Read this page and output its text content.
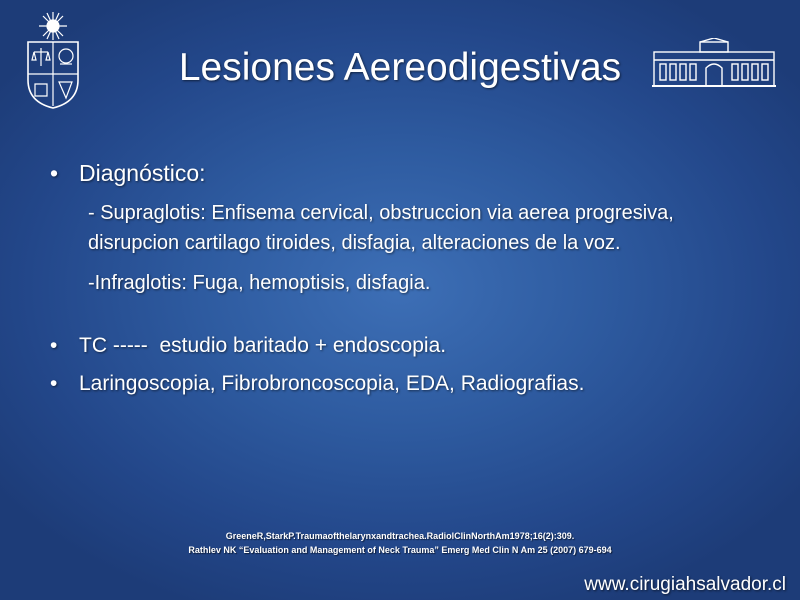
Lesiones Aereodigestivas
• Diagnóstico:
- Supraglotis: Enfisema cervical, obstruccion via aerea progresiva, disrupcion cartilago tiroides, disfagia, alteraciones de la voz.
-Infraglotis: Fuga, hemoptisis, disfagia.
• TC -----  estudio baritado + endoscopia.
• Laringoscopia, Fibrobroncoscopia, EDA, Radiografias.
GreeneR,StarkP.Traumaofthelarynxandtrachea.RadiolClinNorthAm1978;16(2):309.
Rathlev NK “Evaluation and Management of Neck Trauma” Emerg Med Clin N Am 25 (2007) 679-694
www.cirugiahsalvador.cl
